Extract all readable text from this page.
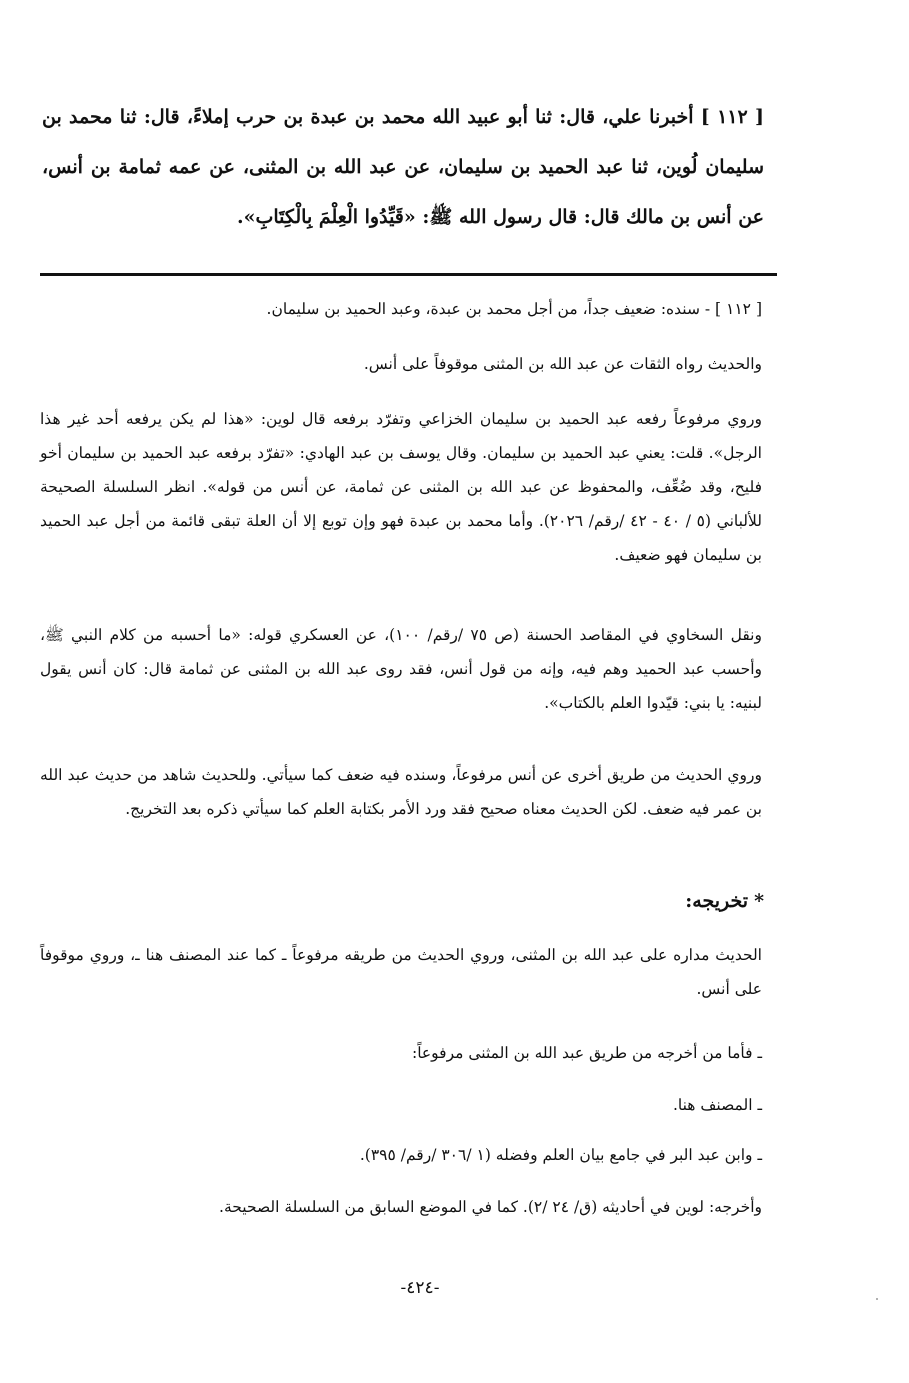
[ ١١٢ ] أخبرنا علي، قال: ثنا أبو عبيد الله محمد بن عبدة بن حرب إملاءً، قال: ثنا محمد بن سليمان لُوين، ثنا عبد الحميد بن سليمان، عن عبد الله بن المثنى، عن عمه ثمامة بن أنس، عن أنس بن مالك قال: قال رسول الله ﷺ: «قَيِّدُوا الْعِلْمَ بِالْكِتَابِ».

[ ١١٢ ] - سنده: ضعيف جداً، من أجل محمد بن عبدة، وعبد الحميد بن سليمان.

والحديث رواه الثقات عن عبد الله بن المثنى موقوفاً على أنس.

وروي مرفوعاً رفعه عبد الحميد بن سليمان الخزاعي وتفرّد برفعه قال لوين: «هذا لم يكن يرفعه أحد غير هذا الرجل». قلت: يعني عبد الحميد بن سليمان. وقال يوسف بن عبد الهادي: «تفرّد برفعه عبد الحميد بن سليمان أخو فليح، وقد ضُعِّف، والمحفوظ عن عبد الله بن المثنى عن ثمامة، عن أنس من قوله». انظر السلسلة الصحيحة للألباني (٥ / ٤٠ - ٤٢ /رقم/ ٢٠٢٦). وأما محمد بن عبدة فهو وإن توبع إلا أن العلة تبقى قائمة من أجل عبد الحميد بن سليمان فهو ضعيف.

ونقل السخاوي في المقاصد الحسنة (ص ٧٥ /رقم/ ١٠٠)، عن العسكري قوله: «ما أحسبه من كلام النبي ﷺ، وأحسب عبد الحميد وهم فيه، وإنه من قول أنس، فقد روى عبد الله بن المثنى عن ثمامة قال: كان أنس يقول لبنيه: يا بني: قيّدوا العلم بالكتاب».

وروي الحديث من طريق أخرى عن أنس مرفوعاً، وسنده فيه ضعف كما سيأتي. وللحديث شاهد من حديث عبد الله بن عمر فيه ضعف. لكن الحديث معناه صحيح فقد ورد الأمر بكتابة العلم كما سيأتي ذكره بعد التخريج.

*تخريجه:

الحديث مداره على عبد الله بن المثنى، وروي الحديث من طريقه مرفوعاً ـ كما عند المصنف هنا ـ، وروي موقوفاً على أنس.

ـ فأما من أخرجه من طريق عبد الله بن المثنى مرفوعاً:

ـ المصنف هنا.

ـ وابن عبد البر في جامع بيان العلم وفضله (١ /٣٠٦ /رقم/ ٣٩٥).

وأخرجه: لوين في أحاديثه (ق/ ٢٤ /٢). كما في الموضع السابق من السلسلة الصحيحة.

-٤٢٤-
